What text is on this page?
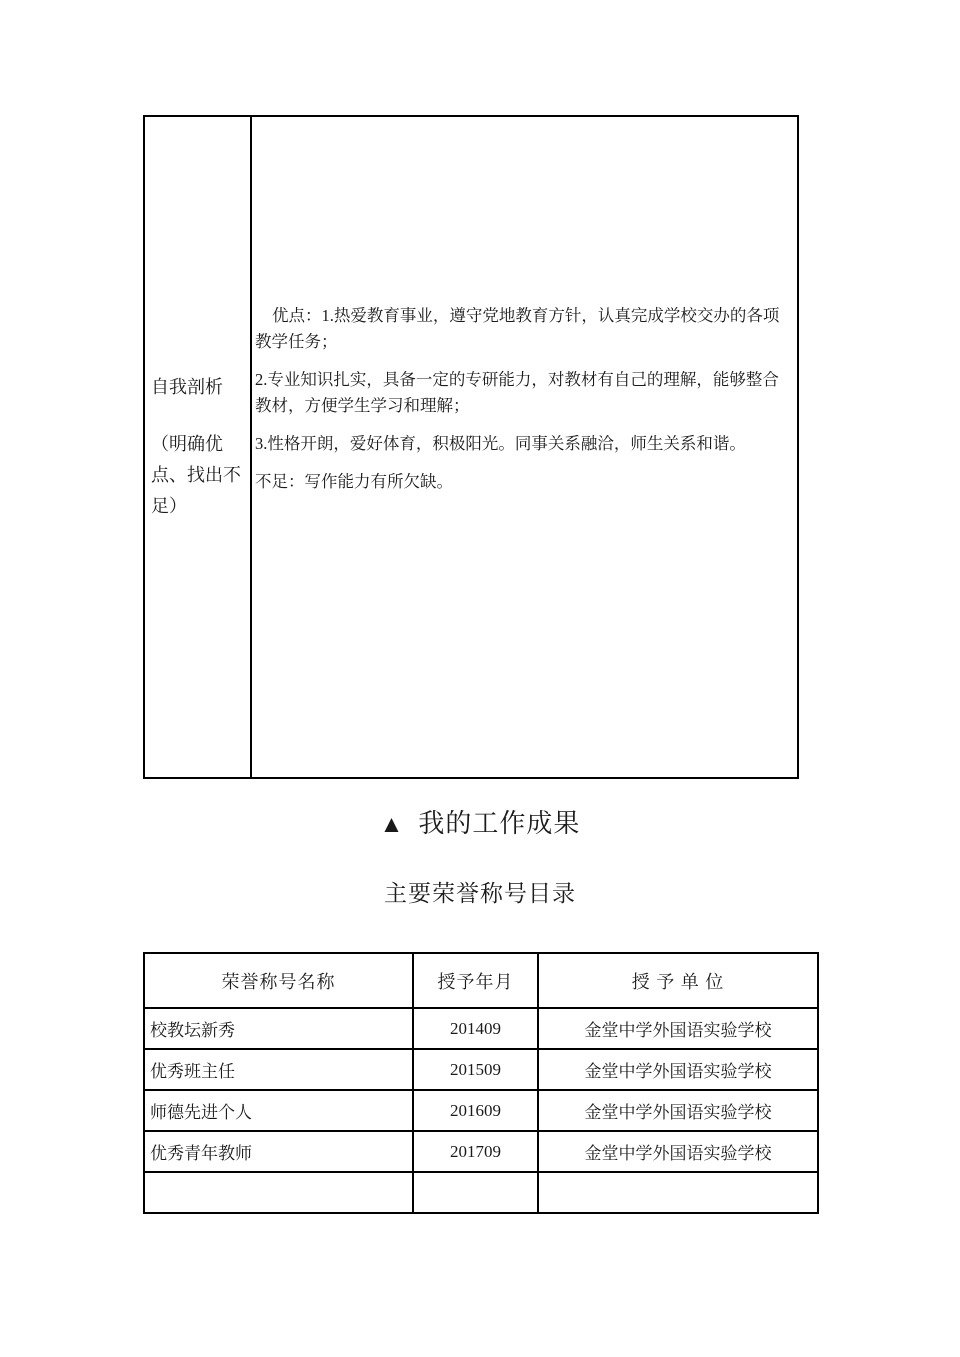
自我剖析
（明确优点、找出不足）

优点：1.热爱教育事业，遵守党地教育方针，认真完成学校交办的各项教学任务；

2.专业知识扎实，具备一定的专研能力，对教材有自己的理解，能够整合教材，方便学生学习和理解；

3.性格开朗，爱好体育，积极阳光。同事关系融洽，师生关系和谐。

不足：写作能力有所欠缺。

▲ 我的工作成果
主要荣誉称号目录
荣誉称号名称	授予年月	授 予 单 位
校教坛新秀	201409	金堂中学外国语实验学校
优秀班主任	201509	金堂中学外国语实验学校
师德先进个人	201609	金堂中学外国语实验学校
优秀青年教师	201709	金堂中学外国语实验学校
